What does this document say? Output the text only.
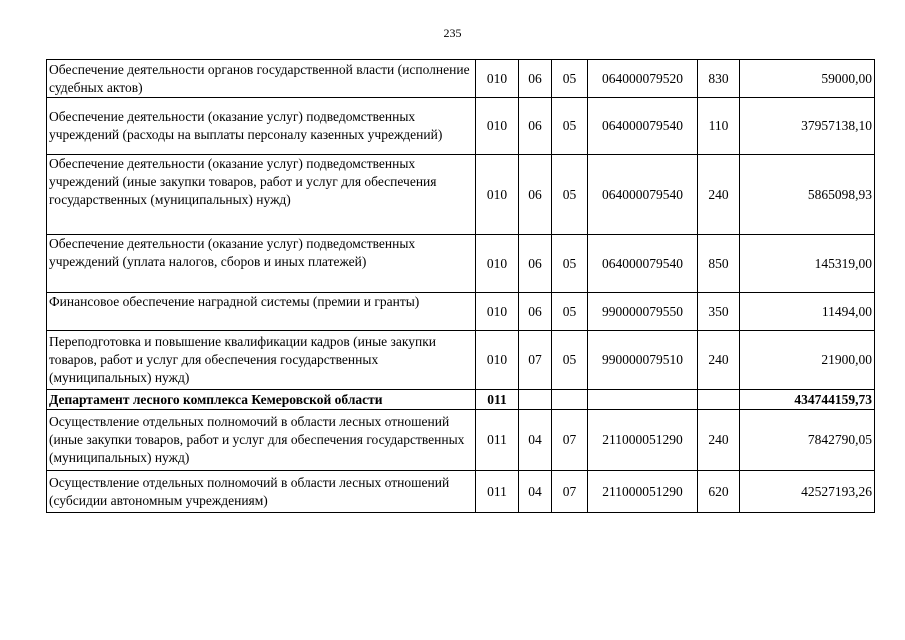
235
Обеспечение деятельности органов государственной власти (исполнение судебных актов)	010	06	05	064000079520	830	59000,00
Обеспечение деятельности (оказание услуг) подведомственных учреждений (расходы на выплаты персоналу казенных учреждений)	010	06	05	064000079540	110	37957138,10
Обеспечение деятельности (оказание услуг) подведомственных учреждений (иные закупки товаров, работ и услуг для обеспечения государственных (муниципальных) нужд)	010	06	05	064000079540	240	5865098,93
Обеспечение деятельности (оказание услуг) подведомственных учреждений (уплата налогов, сборов и иных платежей)	010	06	05	064000079540	850	145319,00
Финансовое обеспечение наградной системы (премии и гранты)	010	06	05	990000079550	350	11494,00
Переподготовка и повышение квалификации кадров (иные закупки товаров, работ и услуг для обеспечения государственных (муниципальных) нужд)	010	07	05	990000079510	240	21900,00
Департамент лесного комплекса Кемеровской области	011					434744159,73
Осуществление отдельных полномочий в области лесных отношений (иные закупки товаров, работ и услуг для обеспечения государственных (муниципальных) нужд)	011	04	07	211000051290	240	7842790,05
Осуществление отдельных полномочий в области лесных отношений (субсидии автономным учреждениям)	011	04	07	211000051290	620	42527193,26
